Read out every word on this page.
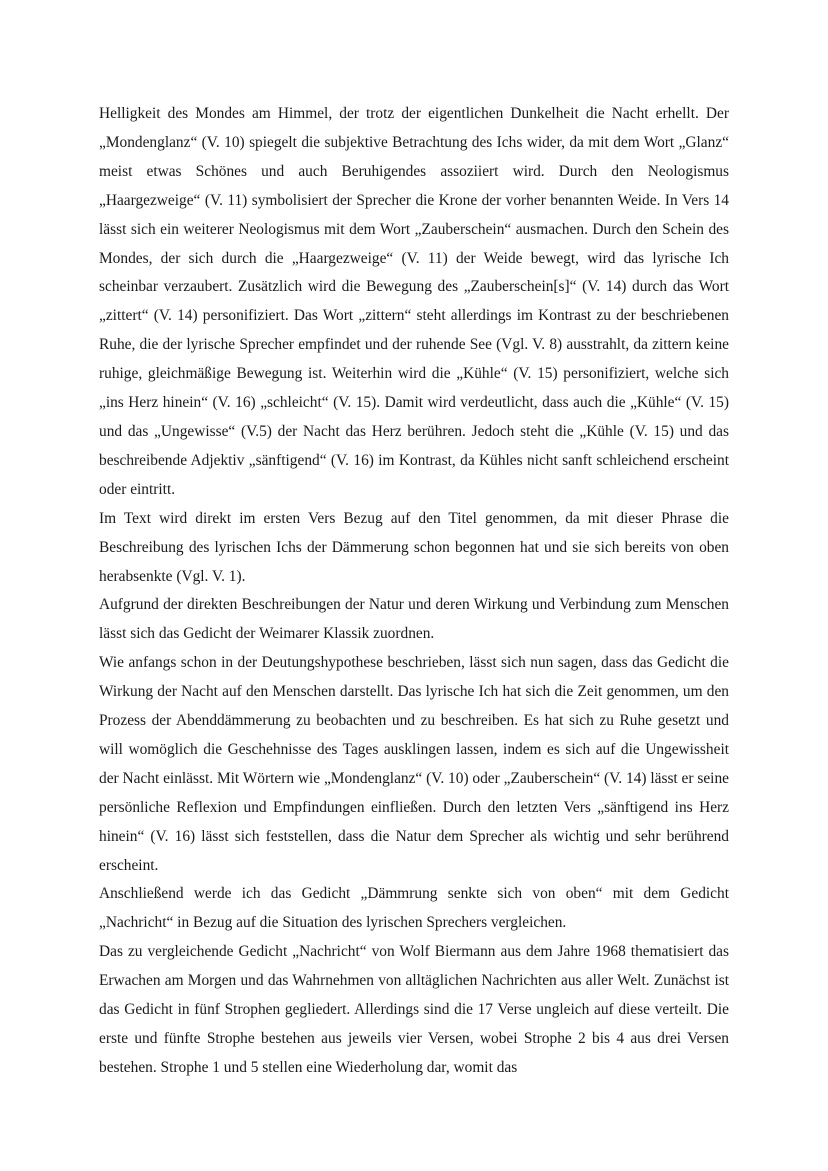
Helligkeit des Mondes am Himmel, der trotz der eigentlichen Dunkelheit die Nacht erhellt. Der „Mondenglanz“ (V. 10) spiegelt die subjektive Betrachtung des Ichs wider, da mit dem Wort „Glanz“ meist etwas Schönes und auch Beruhigendes assoziiert wird. Durch den Neologismus „Haargezweige“ (V. 11) symbolisiert der Sprecher die Krone der vorher benannten Weide. In Vers 14 lässt sich ein weiterer Neologismus mit dem Wort „Zauberschein“ ausmachen. Durch den Schein des Mondes, der sich durch die „Haargezweige“ (V. 11) der Weide bewegt, wird das lyrische Ich scheinbar verzaubert. Zusätzlich wird die Bewegung des „Zauberschein[s]“ (V. 14) durch das Wort „zittert“ (V. 14) personifiziert. Das Wort „zittern“ steht allerdings im Kontrast zu der beschriebenen Ruhe, die der lyrische Sprecher empfindet und der ruhende See (Vgl. V. 8) ausstrahlt, da zittern keine ruhige, gleichmäßige Bewegung ist. Weiterhin wird die „Kühle“ (V. 15) personifiziert, welche sich „ins Herz hinein“ (V. 16) „schleicht“ (V. 15). Damit wird verdeutlicht, dass auch die „Kühle“ (V. 15) und das „Ungewisse“ (V.5) der Nacht das Herz berühren. Jedoch steht die „Kühle (V. 15) und das beschreibende Adjektiv „sänftigend“ (V. 16) im Kontrast, da Kühles nicht sanft schleichend erscheint oder eintritt.

Im Text wird direkt im ersten Vers Bezug auf den Titel genommen, da mit dieser Phrase die Beschreibung des lyrischen Ichs der Dämmerung schon begonnen hat und sie sich bereits von oben herabsenkte (Vgl. V. 1).

Aufgrund der direkten Beschreibungen der Natur und deren Wirkung und Verbindung zum Menschen lässt sich das Gedicht der Weimarer Klassik zuordnen.

Wie anfangs schon in der Deutungshypothese beschrieben, lässt sich nun sagen, dass das Gedicht die Wirkung der Nacht auf den Menschen darstellt. Das lyrische Ich hat sich die Zeit genommen, um den Prozess der Abenddämmerung zu beobachten und zu beschreiben. Es hat sich zu Ruhe gesetzt und will womöglich die Geschehnisse des Tages ausklingen lassen, indem es sich auf die Ungewissheit der Nacht einlässt. Mit Wörtern wie „Mondenglanz“ (V. 10) oder „Zauberschein“ (V. 14) lässt er seine persönliche Reflexion und Empfindungen einfließen. Durch den letzten Vers „sänftigend ins Herz hinein“ (V. 16) lässt sich feststellen, dass die Natur dem Sprecher als wichtig und sehr berührend erscheint.

Anschließend werde ich das Gedicht „Dämmrung senkte sich von oben“ mit dem Gedicht „Nachricht“ in Bezug auf die Situation des lyrischen Sprechers vergleichen.

Das zu vergleichende Gedicht „Nachricht“ von Wolf Biermann aus dem Jahre 1968 thematisiert das Erwachen am Morgen und das Wahrnehmen von alltäglichen Nachrichten aus aller Welt. Zunächst ist das Gedicht in fünf Strophen gegliedert. Allerdings sind die 17 Verse ungleich auf diese verteilt. Die erste und fünfte Strophe bestehen aus jeweils vier Versen, wobei Strophe 2 bis 4 aus drei Versen bestehen. Strophe 1 und 5 stellen eine Wiederholung dar, womit das
